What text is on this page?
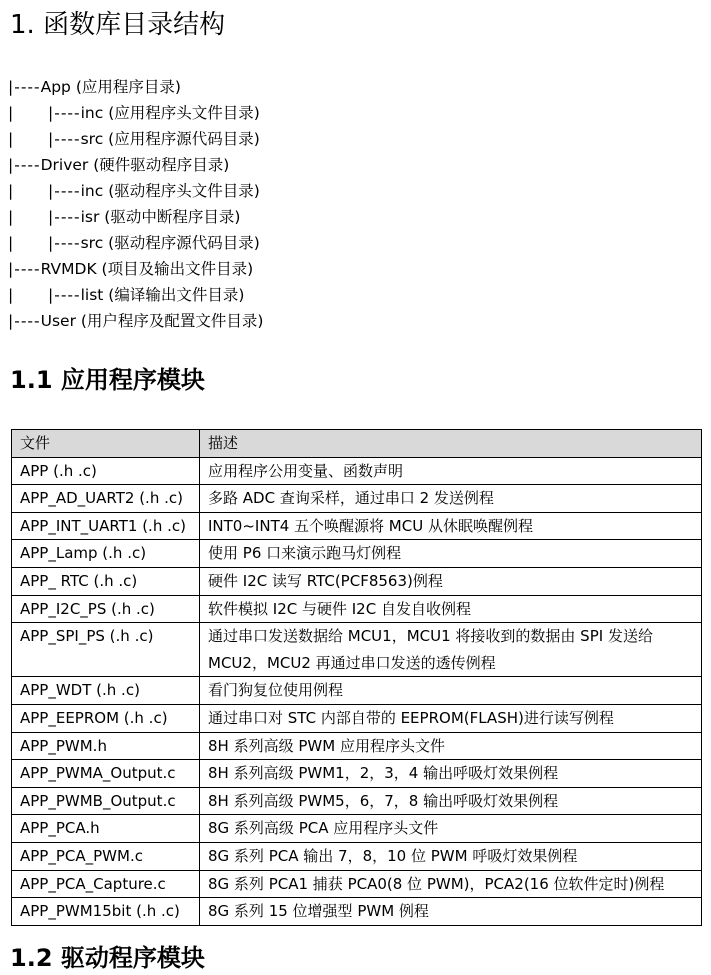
1. 函数库目录结构
|----App (应用程序目录)
| |----inc (应用程序头文件目录)
| |----src (应用程序源代码目录)
|----Driver (硬件驱动程序目录)
| |----inc (驱动程序头文件目录)
| |----isr (驱动中断程序目录)
| |----src (驱动程序源代码目录)
|----RVMDK (项目及输出文件目录)
| |----list (编译输出文件目录)
|----User (用户程序及配置文件目录)
1.1 应用程序模块
文件	描述
APP (.h .c)	应用程序公用变量、函数声明
APP_AD_UART2 (.h .c)	多路 ADC 查询采样，通过串口 2 发送例程
APP_INT_UART1 (.h .c)	INT0~INT4 五个唤醒源将 MCU 从休眠唤醒例程
APP_Lamp (.h .c)	使用 P6 口来演示跑马灯例程
APP_ RTC (.h .c)	硬件 I2C 读写 RTC(PCF8563)例程
APP_I2C_PS (.h .c)	软件模拟 I2C 与硬件 I2C 自发自收例程
APP_SPI_PS (.h .c)	通过串口发送数据给 MCU1，MCU1 将接收到的数据由 SPI 发送给 MCU2，MCU2 再通过串口发送的透传例程
APP_WDT (.h .c)	看门狗复位使用例程
APP_EEPROM (.h .c)	通过串口对 STC 内部自带的 EEPROM(FLASH)进行读写例程
APP_PWM.h	8H 系列高级 PWM 应用程序头文件
APP_PWMA_Output.c	8H 系列高级 PWM1，2，3，4 输出呼吸灯效果例程
APP_PWMB_Output.c	8H 系列高级 PWM5，6，7，8 输出呼吸灯效果例程
APP_PCA.h	8G 系列高级 PCA 应用程序头文件
APP_PCA_PWM.c	8G 系列 PCA 输出 7，8，10 位 PWM 呼吸灯效果例程
APP_PCA_Capture.c	8G 系列 PCA1 捕获 PCA0(8 位 PWM)，PCA2(16 位软件定时)例程
APP_PWM15bit (.h .c)	8G 系列 15 位增强型 PWM 例程
1.2 驱动程序模块
